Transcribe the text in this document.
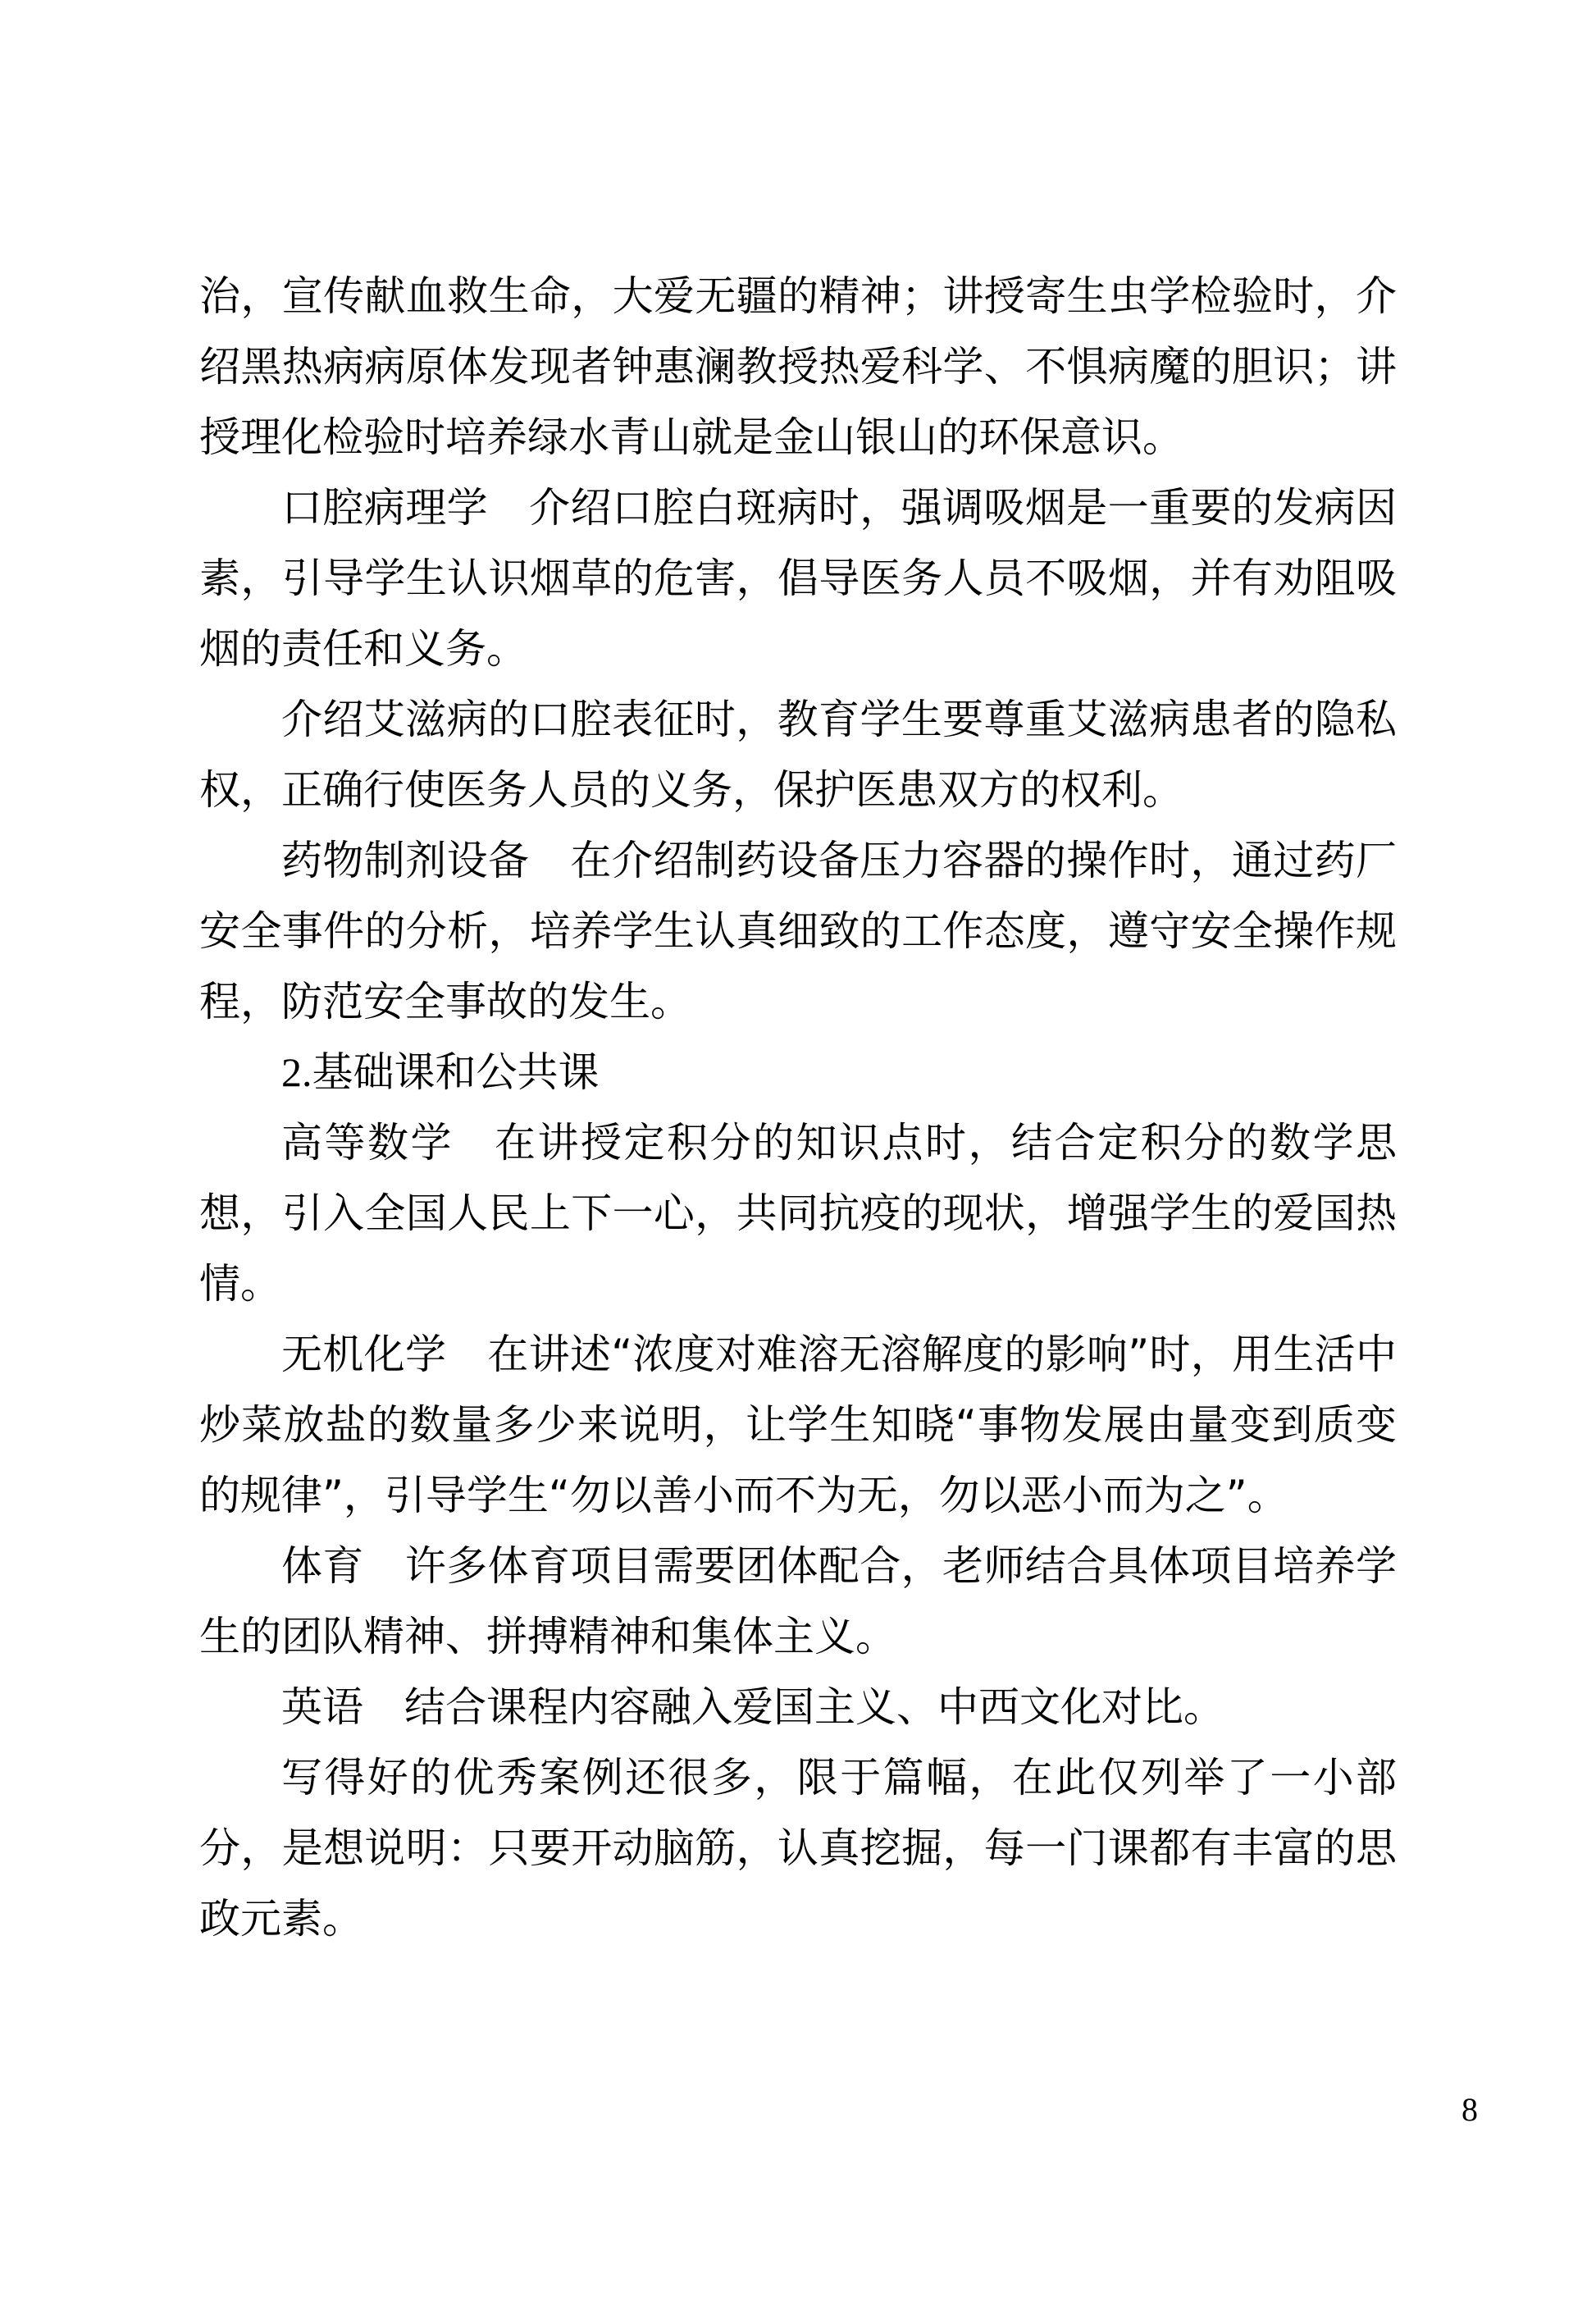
治，宣传献血救生命，大爱无疆的精神；讲授寄生虫学检验时，介绍黑热病病原体发现者钟惠澜教授热爱科学、不惧病魔的胆识；讲授理化检验时培养绿水青山就是金山银山的环保意识。

口腔病理学 介绍口腔白斑病时，强调吸烟是一重要的发病因素，引导学生认识烟草的危害，倡导医务人员不吸烟，并有劝阻吸烟的责任和义务。

介绍艾滋病的口腔表征时，教育学生要尊重艾滋病患者的隐私权，正确行使医务人员的义务，保护医患双方的权利。

药物制剂设备 在介绍制药设备压力容器的操作时，通过药厂安全事件的分析，培养学生认真细致的工作态度，遵守安全操作规程，防范安全事故的发生。

2.基础课和公共课

高等数学 在讲授定积分的知识点时，结合定积分的数学思想，引入全国人民上下一心，共同抗疫的现状，增强学生的爱国热情。

无机化学 在讲述“浓度对难溶无溶解度的影响”时，用生活中炒菜放盐的数量多少来说明，让学生知晓“事物发展由量变到质变的规律”，引导学生“勿以善小而不为无，勿以恶小而为之”。

体育 许多体育项目需要团体配合，老师结合具体项目培养学生的团队精神、拼搏精神和集体主义。

英语 结合课程内容融入爱国主义、中西文化对比。

写得好的优秀案例还很多，限于篇幅，在此仅列举了一小部分，是想说明：只要开动脑筋，认真挖掘，每一门课都有丰富的思政元素。

8
